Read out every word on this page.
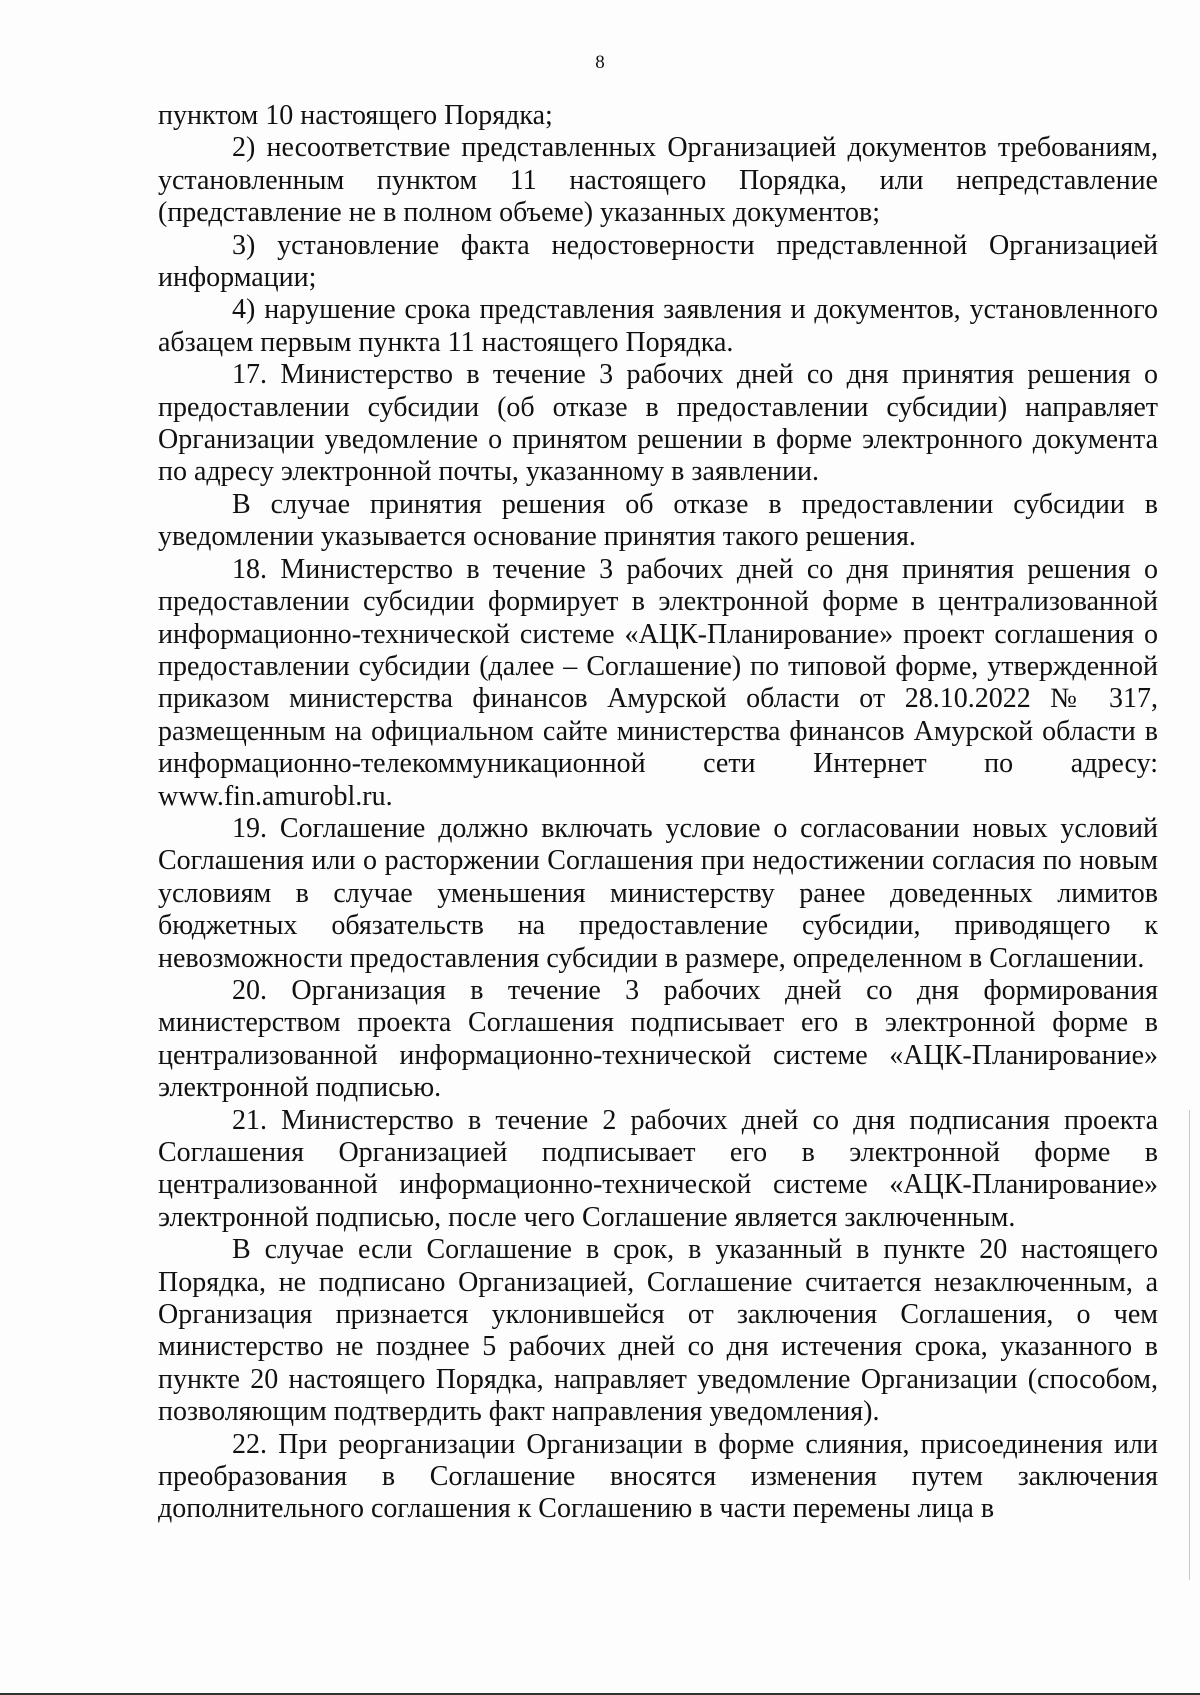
8

пунктом 10 настоящего Порядка;

2) несоответствие представленных Организацией документов требованиям, установленным пунктом 11 настоящего Порядка, или непредставление (представление не в полном объеме) указанных документов;

3) установление факта недостоверности представленной Организацией информации;

4) нарушение срока представления заявления и документов, установленного абзацем первым пункта 11 настоящего Порядка.

17. Министерство в течение 3 рабочих дней со дня принятия решения о предоставлении субсидии (об отказе в предоставлении субсидии) направляет Организации уведомление о принятом решении в форме электронного документа по адресу электронной почты, указанному в заявлении.

В случае принятия решения об отказе в предоставлении субсидии в уведомлении указывается основание принятия такого решения.

18. Министерство в течение 3 рабочих дней со дня принятия решения о предоставлении субсидии формирует в электронной форме в централизованной информационно-технической системе «АЦК-Планирование» проект соглашения о предоставлении субсидии (далее – Соглашение) по типовой форме, утвержденной приказом министерства финансов Амурской области от 28.10.2022 № 317, размещенным на официальном сайте министерства финансов Амурской области в информационно-телекоммуникационной сети Интернет по адресу: www.fin.amurobl.ru.

19. Соглашение должно включать условие о согласовании новых условий Соглашения или о расторжении Соглашения при недостижении согласия по новым условиям в случае уменьшения министерству ранее доведенных лимитов бюджетных обязательств на предоставление субсидии, приводящего к невозможности предоставления субсидии в размере, определенном в Соглашении.

20. Организация в течение 3 рабочих дней со дня формирования министерством проекта Соглашения подписывает его в электронной форме в централизованной информационно-технической системе «АЦК-Планирование» электронной подписью.

21. Министерство в течение 2 рабочих дней со дня подписания проекта Соглашения Организацией подписывает его в электронной форме в централизованной информационно-технической системе «АЦК-Планирование» электронной подписью, после чего Соглашение является заключенным.

В случае если Соглашение в срок, в указанный в пункте 20 настоящего Порядка, не подписано Организацией, Соглашение считается незаключенным, а Организация признается уклонившейся от заключения Соглашения, о чем министерство не позднее 5 рабочих дней со дня истечения срока, указанного в пункте 20 настоящего Порядка, направляет уведомление Организации (способом, позволяющим подтвердить факт направления уведомления).

22. При реорганизации Организации в форме слияния, присоединения или преобразования в Соглашение вносятся изменения путем заключения дополнительного соглашения к Соглашению в части перемены лица в
